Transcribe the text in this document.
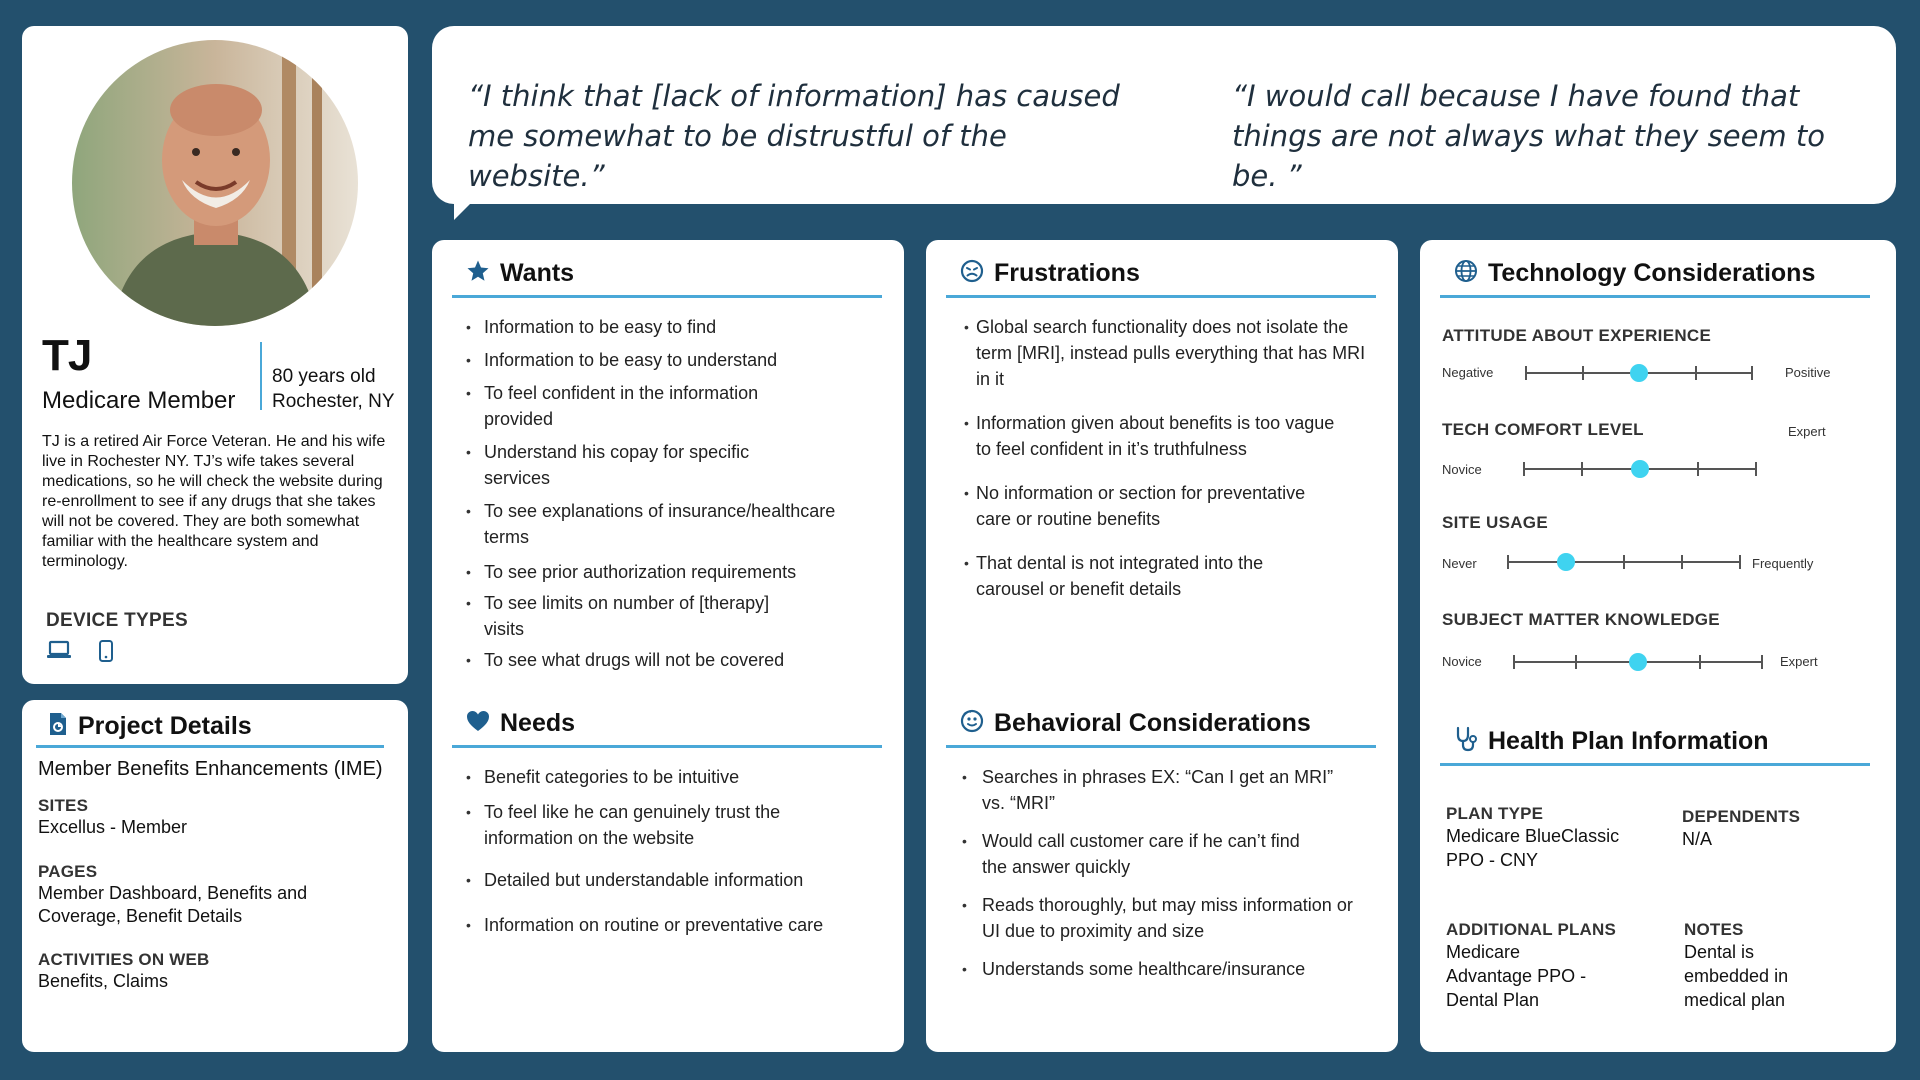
“I think that [lack of information] has caused me somewhat to be distrustful of the website.”
“I would call because I have found that things are not always what they seem to be. ”
TJ
Medicare Member
80 years old
Rochester, NY
TJ is a retired Air Force Veteran. He and his wife live in Rochester NY. TJ’s wife takes several medications, so he will check the website during re-enrollment to see if any drugs that she takes will not be covered. They are both somewhat familiar with the healthcare system and terminology.
DEVICE TYPES
Project Details
Member Benefits Enhancements (IME)
SITES
Excellus - Member
PAGES
Member Dashboard, Benefits and Coverage, Benefit Details
ACTIVITIES ON WEB
Benefits, Claims
Wants
• Information to be easy to find
• Information to be easy to understand
• To feel confident in the information provided
• Understand his copay for specific services
• To see explanations of insurance/healthcare terms
• To see prior authorization requirements
• To see limits on number of [therapy] visits
• To see what drugs will not be covered
Needs
• Benefit categories to be intuitive
• To feel like he can genuinely trust the information on the website
• Detailed but understandable information
• Information on routine or preventative care
Frustrations
• Global search functionality does not isolate the term [MRI], instead pulls everything that has MRI in it
• Information given about benefits is too vague to feel confident in it’s truthfulness
• No information or section for preventative care or routine benefits
• That dental is not integrated into the carousel or benefit details
Behavioral Considerations
• Searches in phrases EX: “Can I get an MRI” vs. “MRI”
• Would call customer care if he can’t find the answer quickly
• Reads thoroughly, but may miss information or UI due to proximity and size
• Understands some healthcare/insurance
Technology Considerations
ATTITUDE ABOUT EXPERIENCE
Negative	Positive
TECH COMFORT LEVEL	Expert
Novice
SITE USAGE
Never	Frequently
SUBJECT MATTER KNOWLEDGE
Novice	Expert
Health Plan Information
PLAN TYPE
Medicare BlueClassic PPO - CNY
DEPENDENTS
N/A
ADDITIONAL PLANS
Medicare Advantage PPO - Dental Plan
NOTES
Dental is embedded in medical plan
